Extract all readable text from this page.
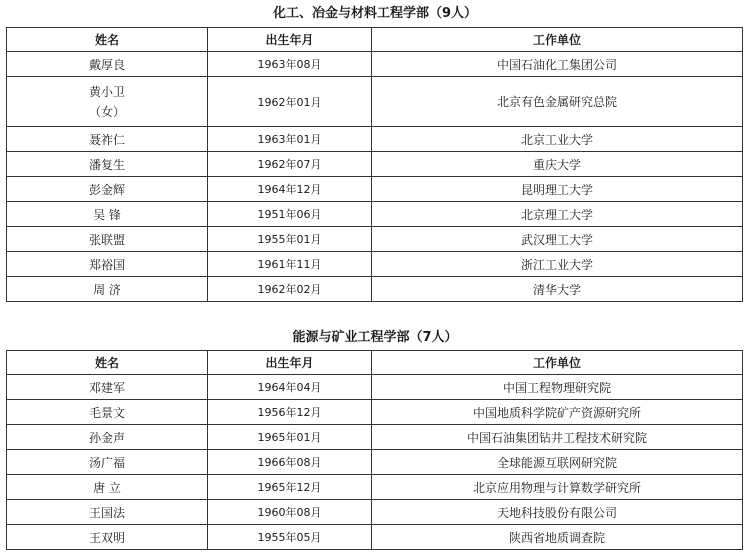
化工、冶金与材料工程学部（9人）
姓名	出生年月	工作单位
戴厚良	1963年08月	中国石油化工集团公司

黄小卫
（女）	1962年01月	北京有色金属研究总院
聂祚仁	1963年01月	北京工业大学
潘复生	1962年07月	重庆大学
彭金辉	1964年12月	昆明理工大学
吴 锋	1951年06月	北京理工大学
张联盟	1955年01月	武汉理工大学
郑裕国	1961年11月	浙江工业大学
周 济	1962年02月	清华大学
能源与矿业工程学部（7人）
姓名	出生年月	工作单位
邓建军	1964年04月	中国工程物理研究院
毛景文	1956年12月	中国地质科学院矿产资源研究所
孙金声	1965年01月	中国石油集团钻井工程技术研究院
汤广福	1966年08月	全球能源互联网研究院
唐 立	1965年12月	北京应用物理与计算数学研究所
王国法	1960年08月	天地科技股份有限公司
王双明	1955年05月	陕西省地质调查院
